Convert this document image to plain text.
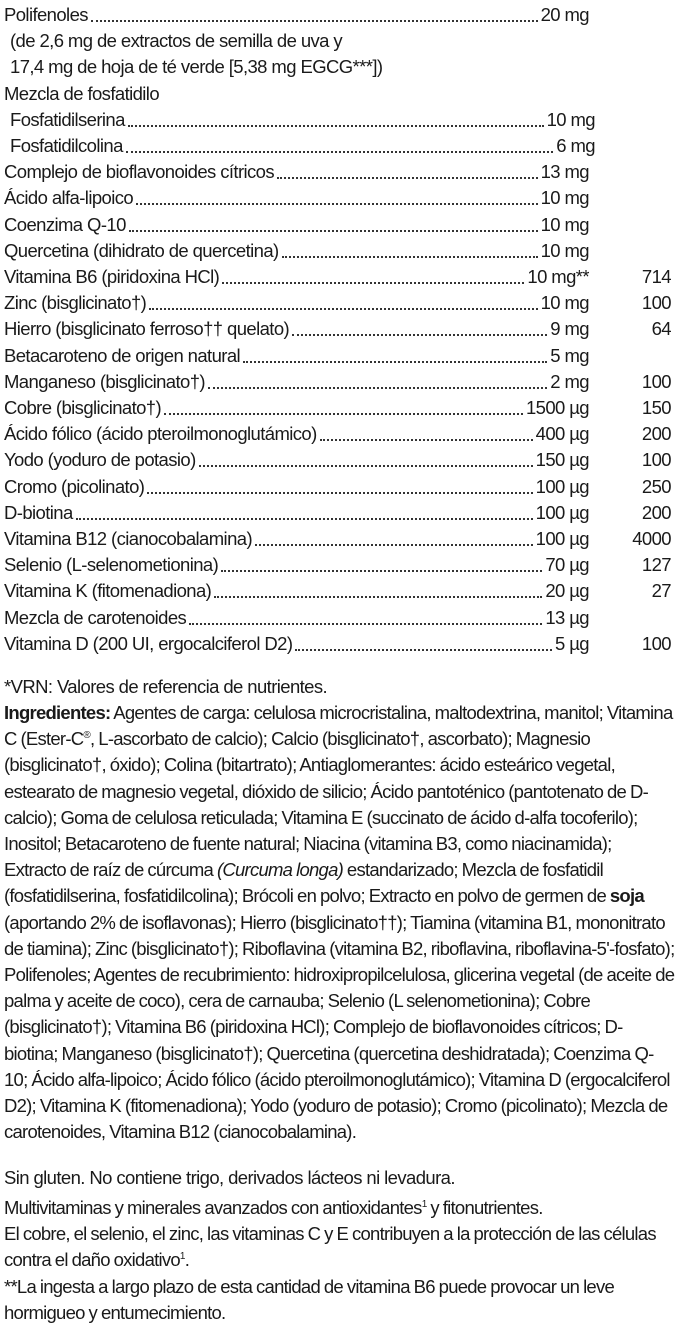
Polifenoles	20 mg
(de 2,6 mg de extractos de semilla de uva y
17,4 mg de hoja de té verde [5,38 mg EGCG***])
Mezcla de fosfatidilo
Fosfatidilserina	10 mg
Fosfatidilcolina	6 mg
Complejo de bioflavonoides cítricos	13 mg
Ácido alfa-lipoico	10 mg
Coenzima Q-10	10 mg
Quercetina (dihidrato de quercetina)	10 mg
Vitamina B6 (piridoxina HCl)	10 mg**	714
Zinc (bisglicinato†)	10 mg	100
Hierro (bisglicinato ferroso†† quelato)	9 mg	64
Betacaroteno de origen natural	5 mg
Manganeso (bisglicinato†)	2 mg	100
Cobre (bisglicinato†)	1500 µg	150
Ácido fólico (ácido pteroilmonoglutámico)	400 µg	200
Yodo (yoduro de potasio)	150 µg	100
Cromo (picolinato)	100 µg	250
D-biotina	100 µg	200
Vitamina B12 (cianocobalamina)	100 µg	4000
Selenio (L-selenometionina)	70 µg	127
Vitamina K (fitomenadiona)	20 µg	27
Mezcla de carotenoides	13 µg
Vitamina D (200 UI, ergocalciferol D2)	5 µg	100
*VRN: Valores de referencia de nutrientes.
Ingredientes: Agentes de carga: celulosa microcristalina, maltodextrina, manitol; Vitamina C (Ester-C®, L-ascorbato de calcio); Calcio (bisglicinato†, ascorbato); Magnesio (bisglicinato†, óxido); Colina (bitartrato); Antiaglomerantes: ácido esteárico vegetal, estearato de magnesio vegetal, dióxido de silicio; Ácido pantoténico (pantotenato de D-calcio); Goma de celulosa reticulada; Vitamina E (succinato de ácido d-alfa tocoferilo); Inositol; Betacaroteno de fuente natural; Niacina (vitamina B3, como niacinamida); Extracto de raíz de cúrcuma (Curcuma longa) estandarizado; Mezcla de fosfatidil (fosfatidilserina, fosfatidilcolina); Brócoli en polvo; Extracto en polvo de germen de soja (aportando 2% de isoflavonas); Hierro (bisglicinato††); Tiamina (vitamina B1, mononitrato de tiamina); Zinc (bisglicinato†); Riboflavina (vitamina B2, riboflavina, riboflavina-5'-fosfato); Polifenoles; Agentes de recubrimiento: hidroxipropilcelulosa, glicerina vegetal (de aceite de palma y aceite de coco), cera de carnauba; Selenio (L selenometionina); Cobre (bisglicinato†); Vitamina B6 (piridoxina HCl); Complejo de bioflavonoides cítricos; D-biotina; Manganeso (bisglicinato†); Quercetina (quercetina deshidratada); Coenzima Q-10; Ácido alfa-lipoico; Ácido fólico (ácido pteroilmonoglutámico); Vitamina D (ergocalciferol D2); Vitamina K (fitomenadiona); Yodo (yoduro de potasio); Cromo (picolinato); Mezcla de carotenoides, Vitamina B12 (cianocobalamina).
Sin gluten. No contiene trigo, derivados lácteos ni levadura.
Multivitaminas y minerales avanzados con antioxidantes$^1$ y fitonutrientes.
El cobre, el selenio, el zinc, las vitaminas C y E contribuyen a la protección de las células contra el daño oxidativo$^1$.
**La ingesta a largo plazo de esta cantidad de vitamina B6 puede provocar un leve hormigueo y entumecimiento.
